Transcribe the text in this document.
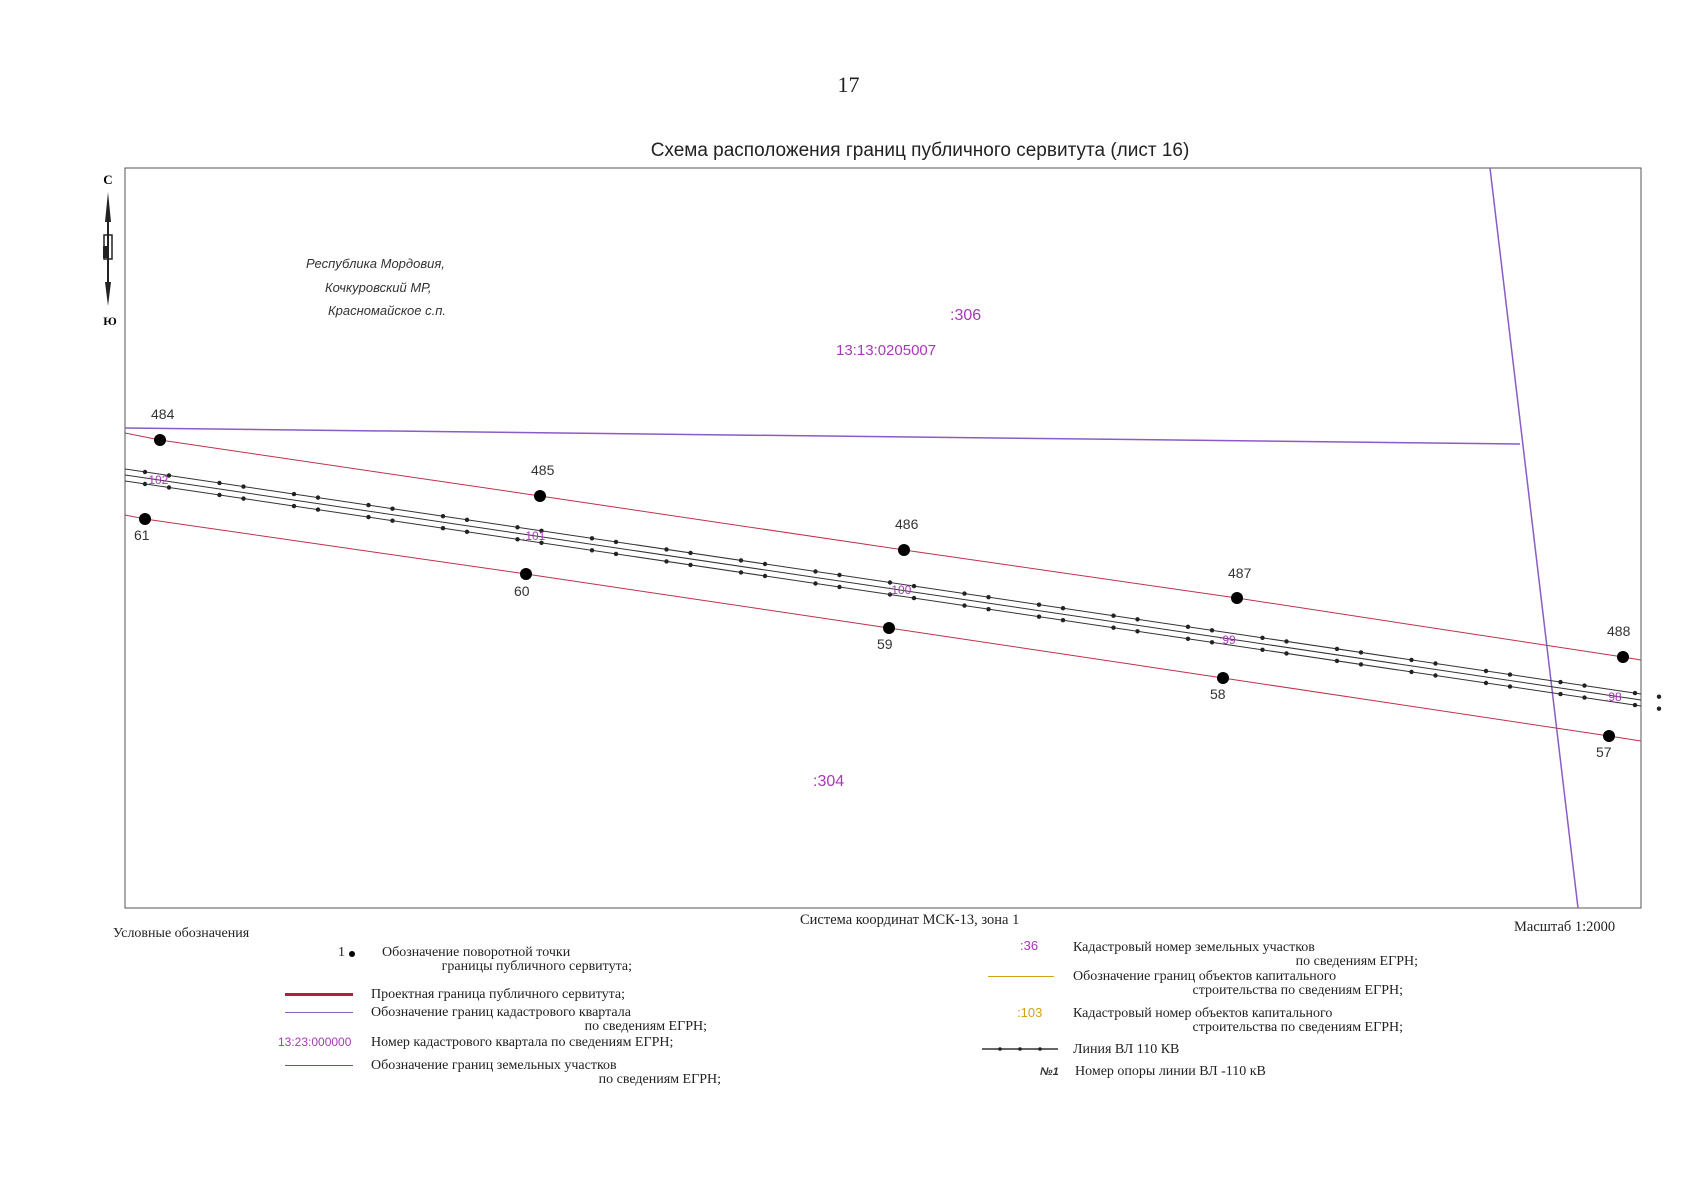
17
Схема расположения границ публичного сервитута (лист 16)
С
Ю
:102
:101
:100
:99
:98
484
485
486
487
488
61
60
59
58
57
Республика Мордовия,
Кочкуровский МР,
Красномайское с.п.	:306
13:13:0205007
:304
Система координат МСК-13, зона 1	Масштаб 1:2000
Условные обозначения
1	Обозначение поворотной точки
границы публичного сервитута;
Проектная граница публичного сервитута;
Обозначение границ кадастрового квартала
по сведениям ЕГРН;
13:23:000000 Номер кадастрового квартала по сведениям ЕГРН;
Обозначение границ земельных участков
по сведениям ЕГРН;
:36 Кадастровый номер земельных участков
по сведениям ЕГРН;
Обозначение границ объектов капитального
строительства по сведениям ЕГРН;
:103 Кадастровый номер объектов капитального
строительства по сведениям ЕГРН;
Линия ВЛ 110 КВ
№1 Номер опоры линии ВЛ -110 кВ
